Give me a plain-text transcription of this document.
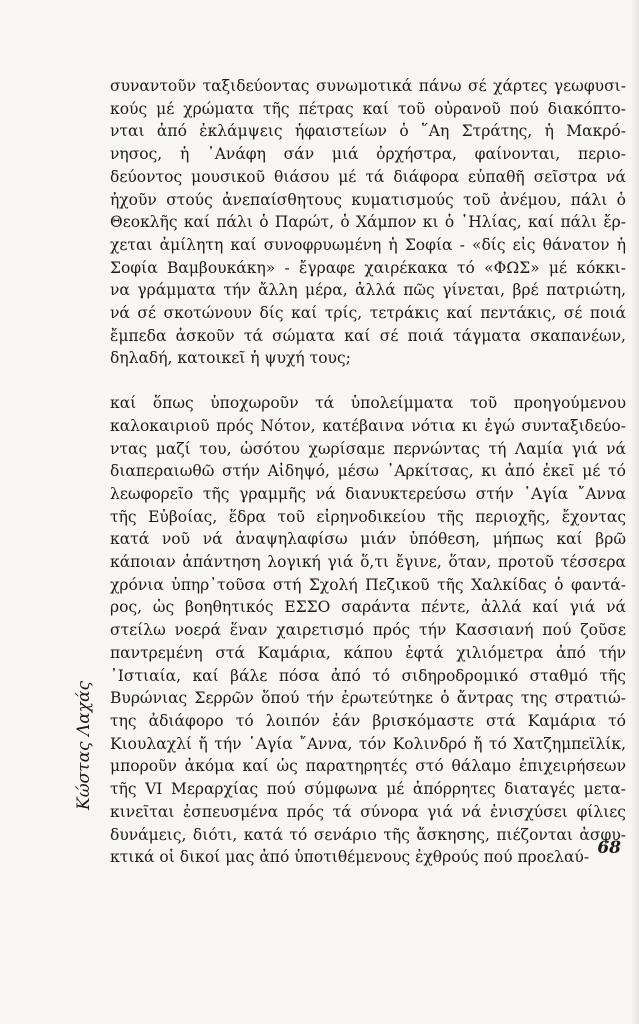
συναντοῦν ταξιδεύοντας συνωμοτικά πάνω σέ χάρτες γεωφυσι-
κούς μέ χρώματα τῆς πέτρας καί τοῦ οὐρανοῦ πού διακόπτο-
νται ἀπό ἐκλάμψεις ἡφαιστείων ὁ ῞Αη Στράτης, ἡ Μακρό-
νησος, ἡ ᾿Ανάφη σάν μιά ὀρχήστρα, φαίνονται, περιο-
δεύοντος μουσικοῦ θιάσου μέ τά διάφορα εὐπαθῆ σεῖστρα νά
ἠχοῦν στούς ἀνεπαίσθητους κυματισμούς τοῦ ἀνέμου, πάλι ὁ
Θεοκλῆς καί πάλι ὁ Παρώτ, ὁ Χάμπον κι ὁ ᾿Ηλίας, καί πάλι ἔρ-
χεται ἀμίλητη καί συνοφρυωμένη ἡ Σοφία - «δίς εἰς θάνατον ἡ
Σοφία Βαμβουκάκη» - ἔγραφε χαιρέκακα τό «ΦΩΣ» μέ κόκκι-
να γράμματα τήν ἄλλη μέρα, ἀλλά πῶς γίνεται, βρέ πατριώτη,
νά σέ σκοτώνουν δίς καί τρίς, τετράκις καί πεντάκις, σέ ποιά
ἔμπεδα ἀσκοῦν τά σώματα καί σέ ποιά τάγματα σκαπανέων,
δηλαδή, κατοικεῖ ἡ ψυχή τους;
καί ὅπως ὑποχωροῦν τά ὑπολείμματα τοῦ προηγούμενου
καλοκαιριοῦ πρός Νότον, κατέβαινα νότια κι ἐγώ συνταξιδεύο-
ντας μαζί του, ὡσότου χωρίσαμε περνώντας τή Λαμία γιά νά
διαπεραιωθῶ στήν Αἰδηψό, μέσω ᾿Αρκίτσας, κι ἀπό ἐκεῖ μέ τό
λεωφορεῖο τῆς γραμμῆς νά διανυκτερεύσω στήν ῾Αγία ῎Αννα
τῆς Εὐβοίας, ἕδρα τοῦ εἰρηνοδικείου τῆς περιοχῆς, ἔχοντας
κατά νοῦ νά ἀναψηλαφίσω μιάν ὑπόθεση, μήπως καί βρῶ
κάποιαν ἀπάντηση λογική γιά ὅ,τι ἔγινε, ὅταν, προτοῦ τέσσερα
χρόνια ὑπηρ᾿τοῦσα στή Σχολή Πεζικοῦ τῆς Χαλκίδας ὁ φαντά-
ρος, ὡς βοηθητικός ΕΣΣΟ σαράντα πέντε, ἀλλά καί γιά νά
στείλω νοερά ἕναν χαιρετισμό πρός τήν Κασσιανή πού ζοῦσε
παντρεμένη στά Καμάρια, κάπου ἑφτά χιλιόμετρα ἀπό τήν
᾿Ιστιαία, καί βάλε πόσα ἀπό τό σιδηροδρομικό σταθμό τῆς
Βυρώνιας Σερρῶν ὅπού τήν ἐρωτεύτηκε ὁ ἄντρας της στρατιώ-
της ἀδιάφορο τό λοιπόν ἐάν βρισκόμαστε στά Καμάρια τό
Κιουλαχλί ἤ τήν ῾Αγία ῎Αννα, τόν Κολινδρό ἤ τό Χατζημπεϊλίκ,
μποροῦν ἀκόμα καί ὡς παρατηρητές στό θάλαμο ἐπιχειρήσεων
τῆς VI Μεραρχίας πού σύμφωνα μέ ἀπόρρητες διαταγές μετα-
κινεῖται ἐσπευσμένα πρός τά σύνορα γιά νά ἐνισχύσει φίλιες
δυνάμεις, διότι, κατά τό σενάριο τῆς ἄσκησης, πιέζονται ἀσφυ-
κτικά οἱ δικοί μας ἀπό ὑποτιθέμενους ἐχθρούς πού προελαύ-
Κώστας Λαχάς
68
